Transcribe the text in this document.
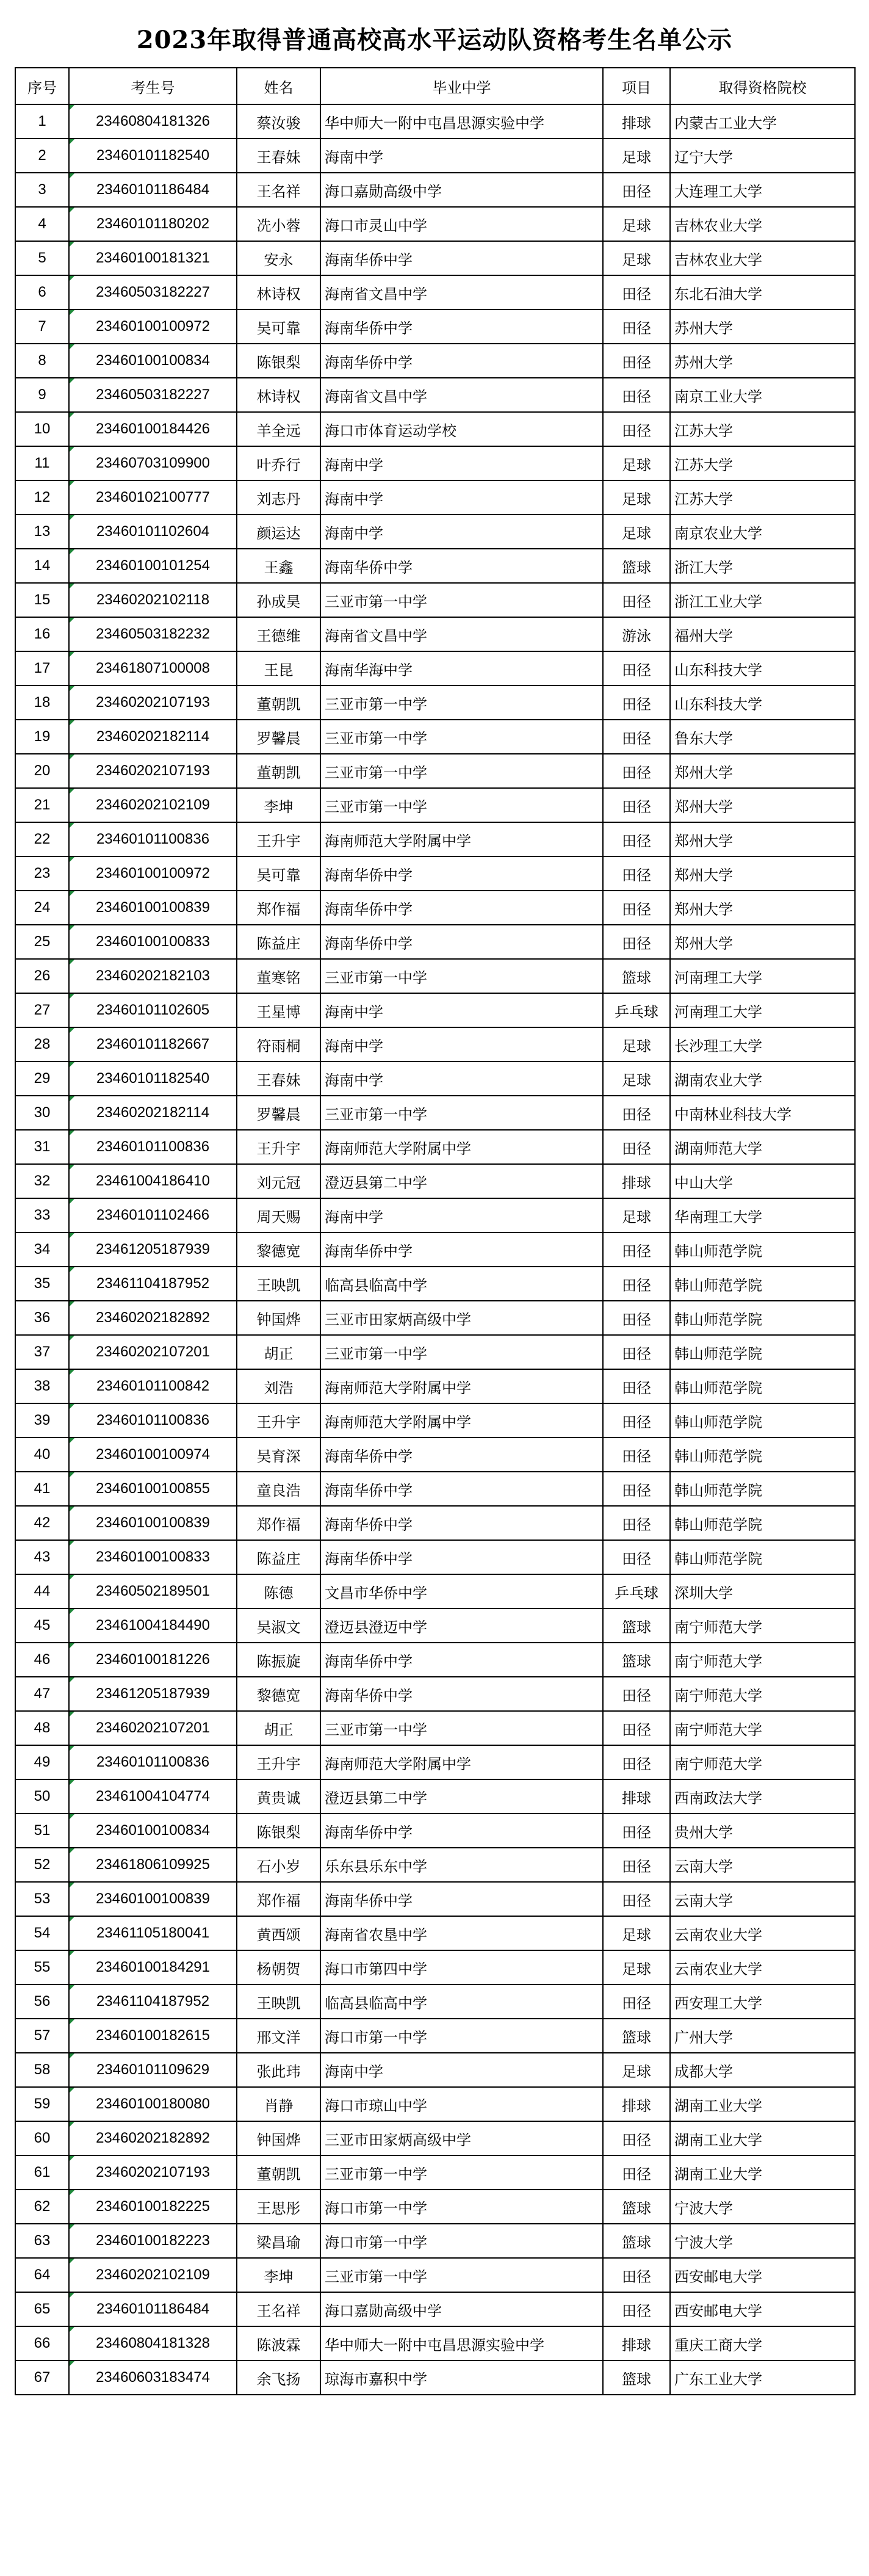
2023年取得普通高校高水平运动队资格考生名单公示
序号	考生号	姓名	毕业中学	项目	取得资格院校
1	23460804181326	蔡汝骏	华中师大一附中屯昌思源实验中学	排球	内蒙古工业大学
2	23460101182540	王春妹	海南中学	足球	辽宁大学
3	23460101186484	王名祥	海口嘉勋高级中学	田径	大连理工大学
4	23460101180202	冼小蓉	海口市灵山中学	足球	吉林农业大学
5	23460100181321	安永	海南华侨中学	足球	吉林农业大学
6	23460503182227	林诗权	海南省文昌中学	田径	东北石油大学
7	23460100100972	吴可靠	海南华侨中学	田径	苏州大学
8	23460100100834	陈银梨	海南华侨中学	田径	苏州大学
9	23460503182227	林诗权	海南省文昌中学	田径	南京工业大学
10	23460100184426	羊全远	海口市体育运动学校	田径	江苏大学
11	23460703109900	叶乔行	海南中学	足球	江苏大学
12	23460102100777	刘志丹	海南中学	足球	江苏大学
13	23460101102604	颜运达	海南中学	足球	南京农业大学
14	23460100101254	王鑫	海南华侨中学	篮球	浙江大学
15	23460202102118	孙成昊	三亚市第一中学	田径	浙江工业大学
16	23460503182232	王德维	海南省文昌中学	游泳	福州大学
17	23461807100008	王昆	海南华海中学	田径	山东科技大学
18	23460202107193	董朝凯	三亚市第一中学	田径	山东科技大学
19	23460202182114	罗馨晨	三亚市第一中学	田径	鲁东大学
20	23460202107193	董朝凯	三亚市第一中学	田径	郑州大学
21	23460202102109	李坤	三亚市第一中学	田径	郑州大学
22	23460101100836	王升宇	海南师范大学附属中学	田径	郑州大学
23	23460100100972	吴可靠	海南华侨中学	田径	郑州大学
24	23460100100839	郑作福	海南华侨中学	田径	郑州大学
25	23460100100833	陈益庄	海南华侨中学	田径	郑州大学
26	23460202182103	董寒铭	三亚市第一中学	篮球	河南理工大学
27	23460101102605	王星博	海南中学	乒乓球	河南理工大学
28	23460101182667	符雨桐	海南中学	足球	长沙理工大学
29	23460101182540	王春妹	海南中学	足球	湖南农业大学
30	23460202182114	罗馨晨	三亚市第一中学	田径	中南林业科技大学
31	23460101100836	王升宇	海南师范大学附属中学	田径	湖南师范大学
32	23461004186410	刘元冠	澄迈县第二中学	排球	中山大学
33	23460101102466	周天赐	海南中学	足球	华南理工大学
34	23461205187939	黎德宽	海南华侨中学	田径	韩山师范学院
35	23461104187952	王映凯	临高县临高中学	田径	韩山师范学院
36	23460202182892	钟国烨	三亚市田家炳高级中学	田径	韩山师范学院
37	23460202107201	胡正	三亚市第一中学	田径	韩山师范学院
38	23460101100842	刘浩	海南师范大学附属中学	田径	韩山师范学院
39	23460101100836	王升宇	海南师范大学附属中学	田径	韩山师范学院
40	23460100100974	吴育深	海南华侨中学	田径	韩山师范学院
41	23460100100855	童良浩	海南华侨中学	田径	韩山师范学院
42	23460100100839	郑作福	海南华侨中学	田径	韩山师范学院
43	23460100100833	陈益庄	海南华侨中学	田径	韩山师范学院
44	23460502189501	陈德	文昌市华侨中学	乒乓球	深圳大学
45	23461004184490	吴淑文	澄迈县澄迈中学	篮球	南宁师范大学
46	23460100181226	陈振旋	海南华侨中学	篮球	南宁师范大学
47	23461205187939	黎德宽	海南华侨中学	田径	南宁师范大学
48	23460202107201	胡正	三亚市第一中学	田径	南宁师范大学
49	23460101100836	王升宇	海南师范大学附属中学	田径	南宁师范大学
50	23461004104774	黄贵诚	澄迈县第二中学	排球	西南政法大学
51	23460100100834	陈银梨	海南华侨中学	田径	贵州大学
52	23461806109925	石小岁	乐东县乐东中学	田径	云南大学
53	23460100100839	郑作福	海南华侨中学	田径	云南大学
54	23461105180041	黄西颂	海南省农垦中学	足球	云南农业大学
55	23460100184291	杨朝贺	海口市第四中学	足球	云南农业大学
56	23461104187952	王映凯	临高县临高中学	田径	西安理工大学
57	23460100182615	邢文洋	海口市第一中学	篮球	广州大学
58	23460101109629	张此玮	海南中学	足球	成都大学
59	23460100180080	肖静	海口市琼山中学	排球	湖南工业大学
60	23460202182892	钟国烨	三亚市田家炳高级中学	田径	湖南工业大学
61	23460202107193	董朝凯	三亚市第一中学	田径	湖南工业大学
62	23460100182225	王思彤	海口市第一中学	篮球	宁波大学
63	23460100182223	梁昌瑜	海口市第一中学	篮球	宁波大学
64	23460202102109	李坤	三亚市第一中学	田径	西安邮电大学
65	23460101186484	王名祥	海口嘉勋高级中学	田径	西安邮电大学
66	23460804181328	陈波霖	华中师大一附中屯昌思源实验中学	排球	重庆工商大学
67	23460603183474	余飞扬	琼海市嘉积中学	篮球	广东工业大学
